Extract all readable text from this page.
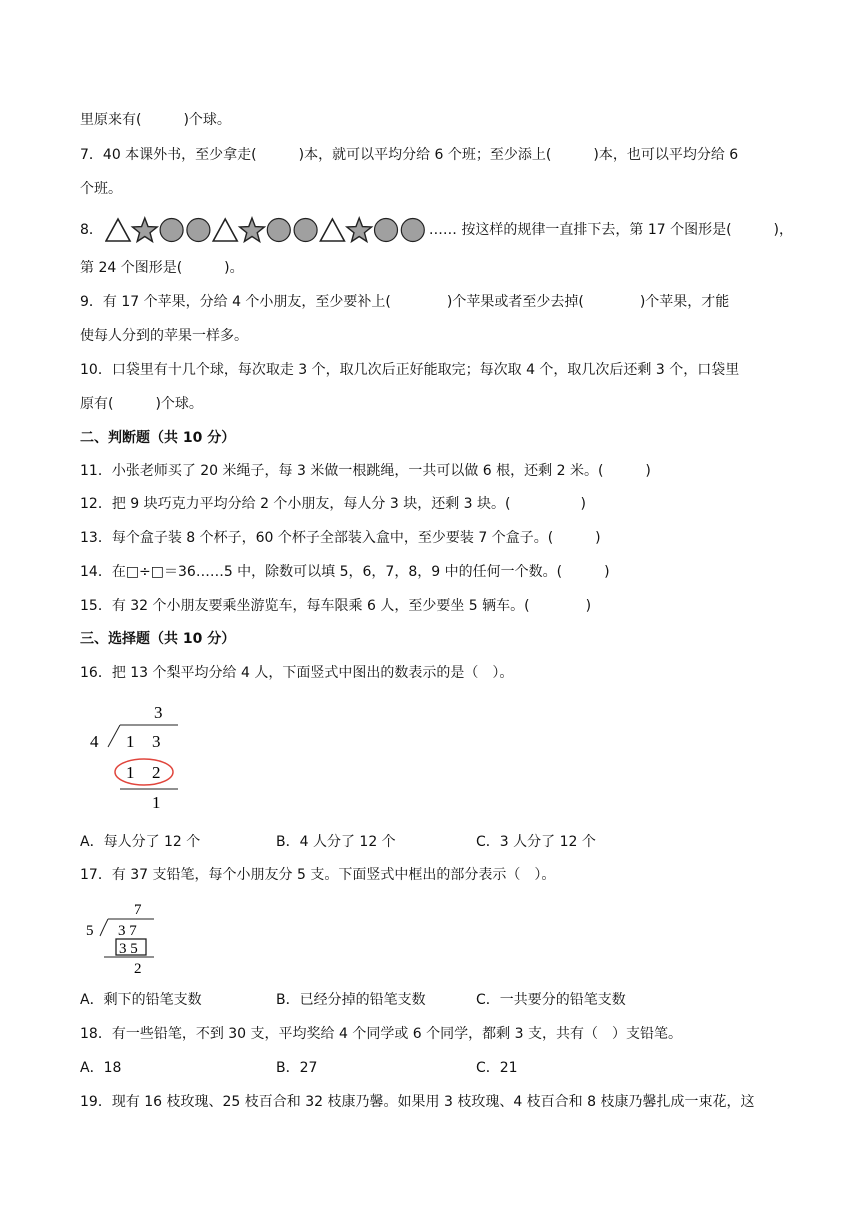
里原来有(　　　)个球。
7．40 本课外书，至少拿走(　　　)本，就可以平均分给 6 个班；至少添上(　　　)本，也可以平均分给 6
个班。
8．	…… 按这样的规律一直排下去，第 17 个图形是(　　　)，
第 24 个图形是(　　　)。
9．有 17 个苹果，分给 4 个小朋友，至少要补上(　　　　)个苹果或者至少去掉(　　　　)个苹果，才能
使每人分到的苹果一样多。
10．口袋里有十几个球，每次取走 3 个，取几次后正好能取完；每次取 4 个，取几次后还剩 3 个，口袋里
原有(　　　)个球。
二、判断题（共 10 分）
11．小张老师买了 20 米绳子，每 3 米做一根跳绳，一共可以做 6 根，还剩 2 米。(　　　)
12．把 9 块巧克力平均分给 2 个小朋友，每人分 3 块，还剩 3 块。(　　　　　)
13．每个盒子装 8 个杯子，60 个杯子全部装入盒中，至少要装 7 个盒子。(　　　)
14．在□÷□＝36……5 中，除数可以填 5，6，7，8，9 中的任何一个数。(　　　)
15．有 32 个小朋友要乘坐游览车，每车限乘 6 人，至少要坐 5 辆车。(　　　　)
三、选择题（共 10 分）
16．把 13 个梨平均分给 4 人，下面竖式中图出的数表示的是（　）。
3
4 1 3
1 2
1
A．每人分了 12 个	B．4 人分了 12 个	C．3 人分了 12 个
17．有 37 支铅笔，每个小朋友分 5 支。下面竖式中框出的部分表示（　）。
7
5 3 7
3 5
2
A．剩下的铅笔支数	B．已经分掉的铅笔支数	C．一共要分的铅笔支数
18．有一些铅笔，不到 30 支，平均奖给 4 个同学或 6 个同学，都剩 3 支，共有（　）支铅笔。
A．18	B．27	C．21
19．现有 16 枝玫瑰、25 枝百合和 32 枝康乃馨。如果用 3 枝玫瑰、4 枝百合和 8 枝康乃馨扎成一束花，这
